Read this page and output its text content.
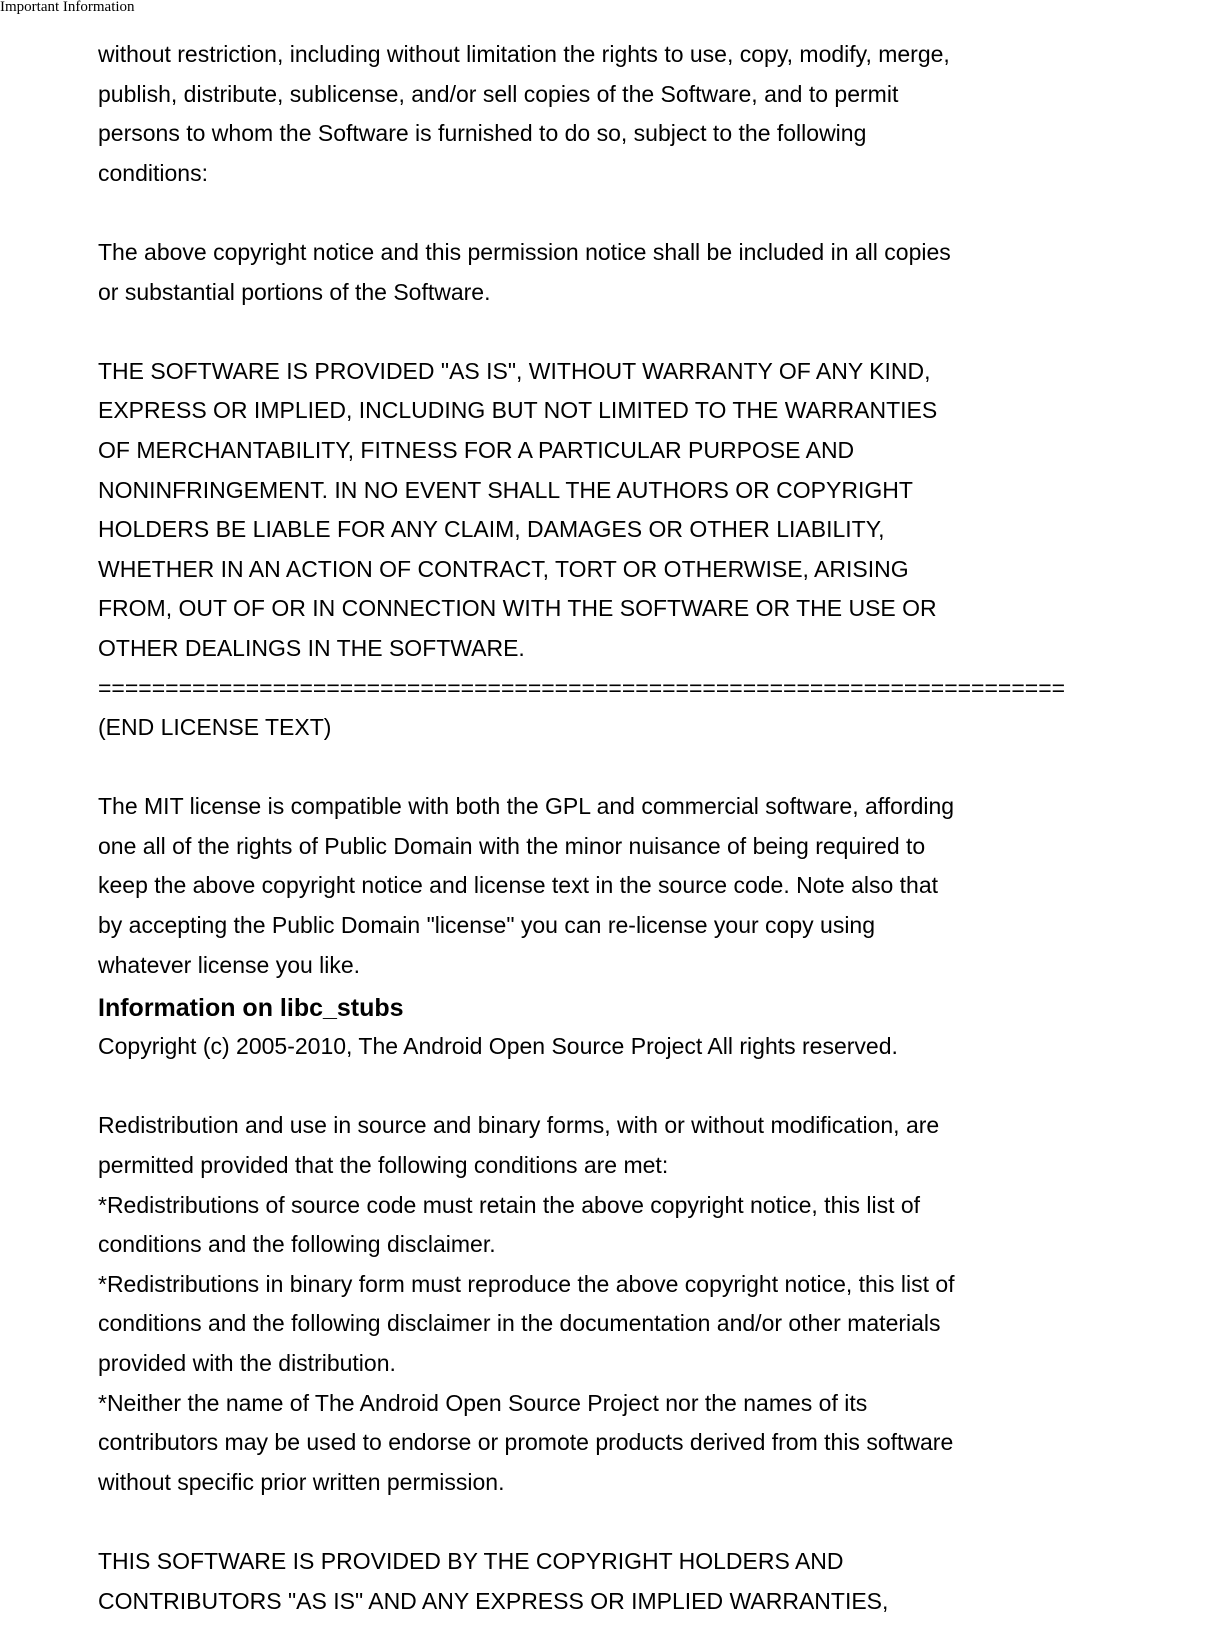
Important Information

without restriction, including without limitation the rights to use, copy, modify, merge,
publish, distribute, sublicense, and/or sell copies of the Software, and to permit
persons to whom the Software is furnished to do so, subject to the following
conditions:

The above copyright notice and this permission notice shall be included in all copies
or substantial portions of the Software.

THE SOFTWARE IS PROVIDED "AS IS", WITHOUT WARRANTY OF ANY KIND,
EXPRESS OR IMPLIED, INCLUDING BUT NOT LIMITED TO THE WARRANTIES
OF MERCHANTABILITY, FITNESS FOR A PARTICULAR PURPOSE AND
NONINFRINGEMENT. IN NO EVENT SHALL THE AUTHORS OR COPYRIGHT
HOLDERS BE LIABLE FOR ANY CLAIM, DAMAGES OR OTHER LIABILITY,
WHETHER IN AN ACTION OF CONTRACT, TORT OR OTHERWISE, ARISING
FROM, OUT OF OR IN CONNECTION WITH THE SOFTWARE OR THE USE OR
OTHER DEALINGS IN THE SOFTWARE.

========================================================================

(END LICENSE TEXT)

The MIT license is compatible with both the GPL and commercial software, affording
one all of the rights of Public Domain with the minor nuisance of being required to
keep the above copyright notice and license text in the source code. Note also that
by accepting the Public Domain "license" you can re-license your copy using
whatever license you like.

Information on libc_stubs

Copyright (c) 2005-2010, The Android Open Source Project All rights reserved.

Redistribution and use in source and binary forms, with or without modification, are
permitted provided that the following conditions are met:
*Redistributions of source code must retain the above copyright notice, this list of
conditions and the following disclaimer.
*Redistributions in binary form must reproduce the above copyright notice, this list of
conditions and the following disclaimer in the documentation and/or other materials
provided with the distribution.
*Neither the name of The Android Open Source Project nor the names of its
contributors may be used to endorse or promote products derived from this software
without specific prior written permission.

THIS SOFTWARE IS PROVIDED BY THE COPYRIGHT HOLDERS AND
CONTRIBUTORS "AS IS" AND ANY EXPRESS OR IMPLIED WARRANTIES,
